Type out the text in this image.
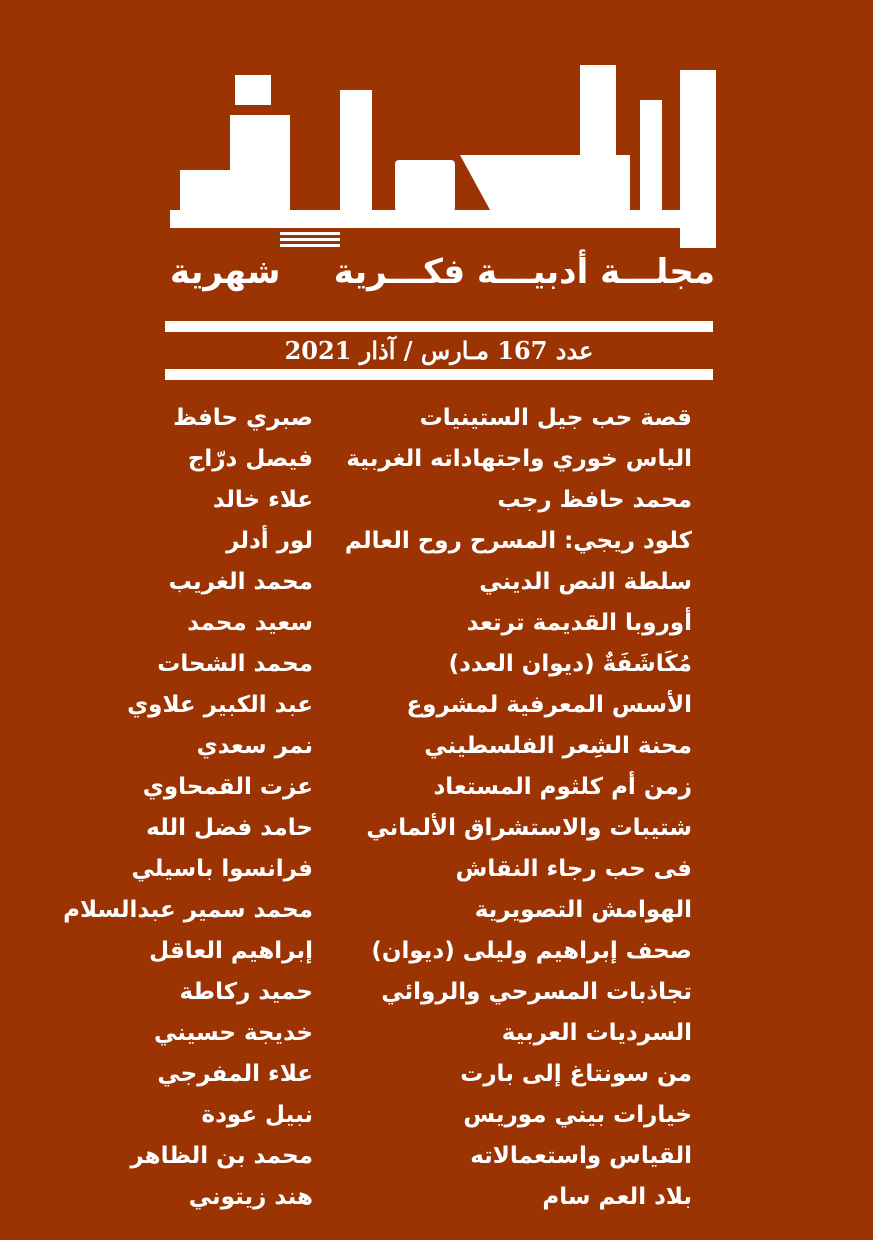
الكلمة
مجلـــة أدبيـــة فكـــرية
شهرية
عدد 167 مـارس / آذار 2021
قصة حب جيل الستينيات
صبري حافظ
الياس خوري واجتهاداته الغربية
فيصل درّاج
محمد حافظ رجب
علاء خالد
كلود ريجي: المسرح روح العالم
لور أدلر
سلطة النص الديني
محمد الغريب
أوروبا القديمة ترتعد
سعيد محمد
مُكَاشَفَةٌ (ديوان العدد)
محمد الشحات
الأسس المعرفية لمشروع
عبد الكبير علاوي
محنة الشِعر الفلسطيني
نمر سعدي
زمن أم كلثوم المستعاد
عزت القمحاوي
شتيبات والاستشراق الألماني
حامد فضل الله
فى حب رجاء النقاش
فرانسوا باسيلي
الهوامش التصويرية
محمد سمير عبدالسلام
صحف إبراهيم وليلى (ديوان)
إبراهيم العاقل
تجاذبات المسرحي والروائي
حميد ركاطة
السرديات العربية
خديجة حسيني
من سونتاغ إلى بارت
علاء المفرجي
خيارات بيني موريس
نبيل عودة
القياس واستعمالاته
محمد بن الظاهر
بلاد العم سام
هند زيتوني
